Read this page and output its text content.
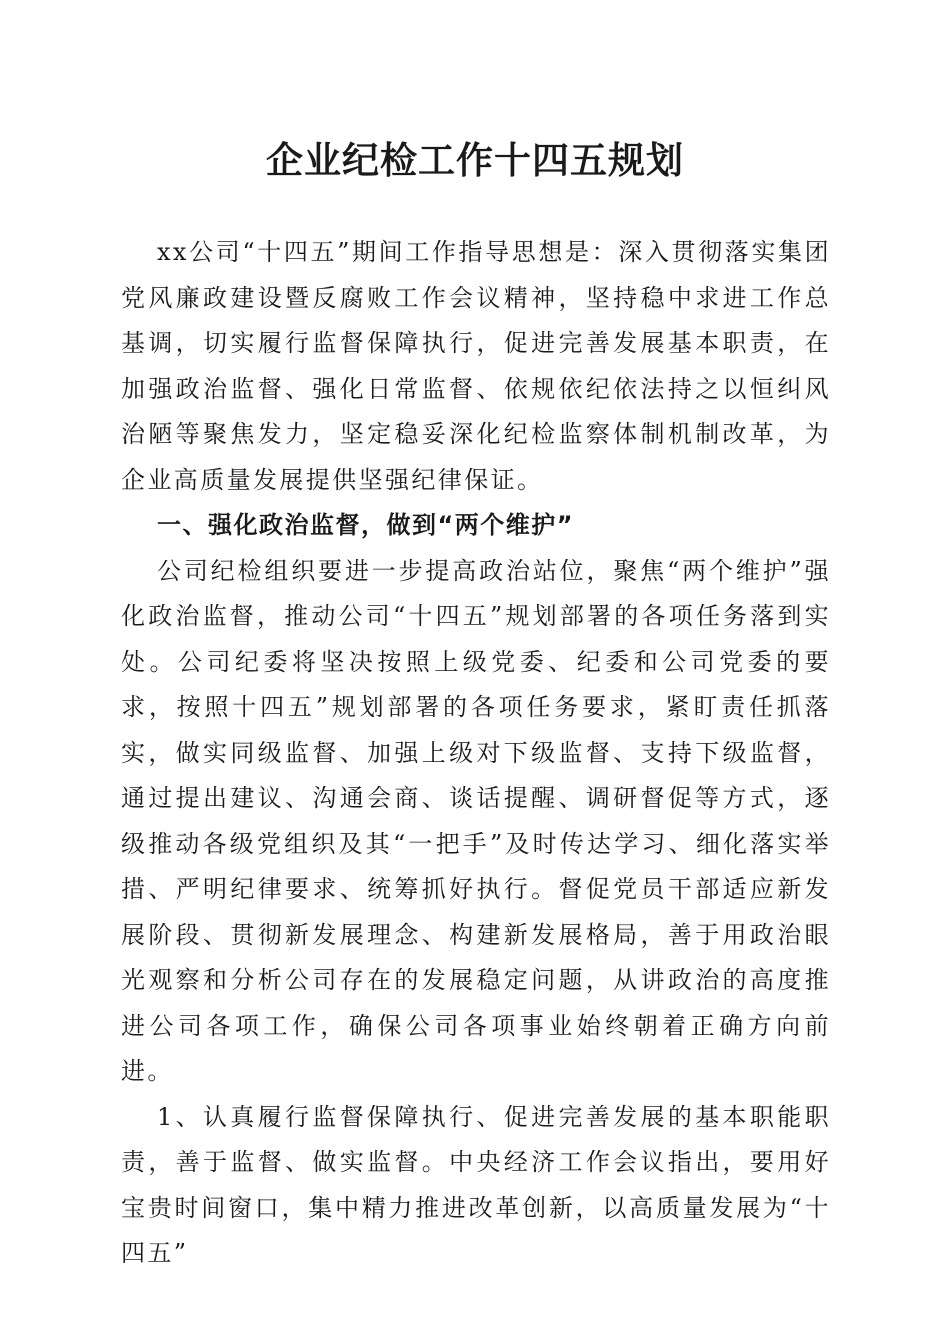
企业纪检工作十四五规划

xx公司“十四五”期间工作指导思想是：深入贯彻落实集团党风廉政建设暨反腐败工作会议精神，坚持稳中求进工作总基调，切实履行监督保障执行，促进完善发展基本职责，在加强政治监督、强化日常监督、依规依纪依法持之以恒纠风治陋等聚焦发力，坚定稳妥深化纪检监察体制机制改革，为企业高质量发展提供坚强纪律保证。

一、强化政治监督，做到“两个维护”

公司纪检组织要进一步提高政治站位，聚焦“两个维护”强化政治监督，推动公司“十四五”规划部署的各项任务落到实处。公司纪委将坚决按照上级党委、纪委和公司党委的要求，按照十四五”规划部署的各项任务要求，紧盯责任抓落实，做实同级监督、加强上级对下级监督、支持下级监督，通过提出建议、沟通会商、谈话提醒、调研督促等方式，逐级推动各级党组织及其“一把手”及时传达学习、细化落实举措、严明纪律要求、统筹抓好执行。督促党员干部适应新发展阶段、贯彻新发展理念、构建新发展格局，善于用政治眼光观察和分析公司存在的发展稳定问题，从讲政治的高度推进公司各项工作，确保公司各项事业始终朝着正确方向前进。

1、认真履行监督保障执行、促进完善发展的基本职能职责，善于监督、做实监督。中央经济工作会议指出，要用好宝贵时间窗口，集中精力推进改革创新，以高质量发展为“十四五”
